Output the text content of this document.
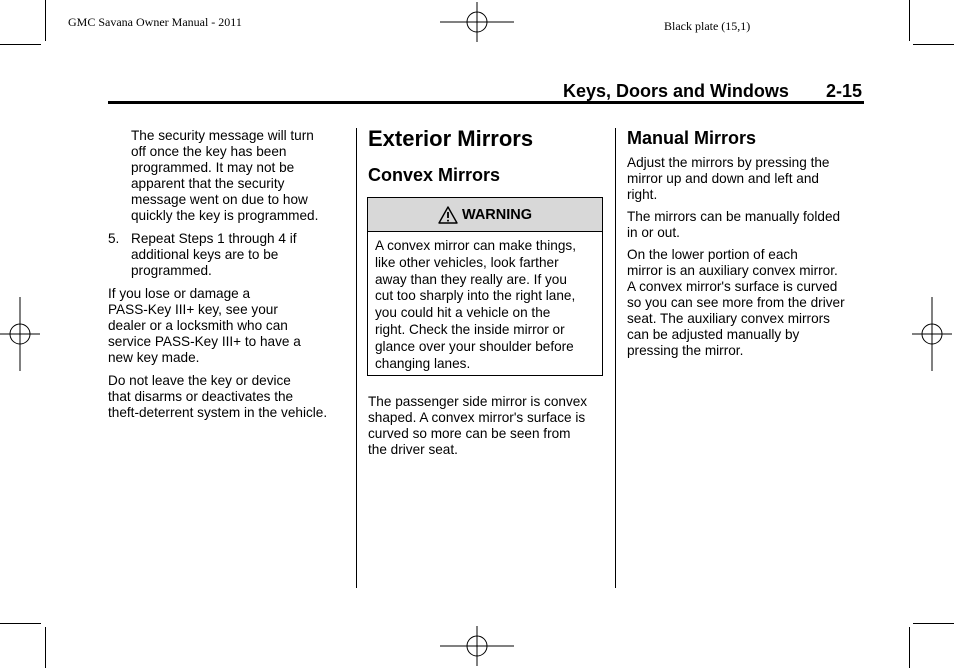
GMC Savana Owner Manual - 2011	Black plate (15,1)
Keys, Doors and Windows 2-15

The security message will turn
off once the key has been
programmed. It may not be
apparent that the security
message went on due to how
quickly the key is programmed.

5. Repeat Steps 1 through 4 if
additional keys are to be
programmed.

If you lose or damage a
PASS-Key III+ key, see your
dealer or a locksmith who can
service PASS-Key III+ to have a
new key made.

Do not leave the key or device
that disarms or deactivates the
theft-deterrent system in the vehicle.

Exterior Mirrors
Convex Mirrors
WARNING
A convex mirror can make things,
like other vehicles, look farther
away than they really are. If you
cut too sharply into the right lane,
you could hit a vehicle on the
right. Check the inside mirror or
glance over your shoulder before
changing lanes.

The passenger side mirror is convex
shaped. A convex mirror's surface is
curved so more can be seen from
the driver seat.

Manual Mirrors

Adjust the mirrors by pressing the
mirror up and down and left and
right.

The mirrors can be manually folded
in or out.

On the lower portion of each
mirror is an auxiliary convex mirror.
A convex mirror's surface is curved
so you can see more from the driver
seat. The auxiliary convex mirrors
can be adjusted manually by
pressing the mirror.
